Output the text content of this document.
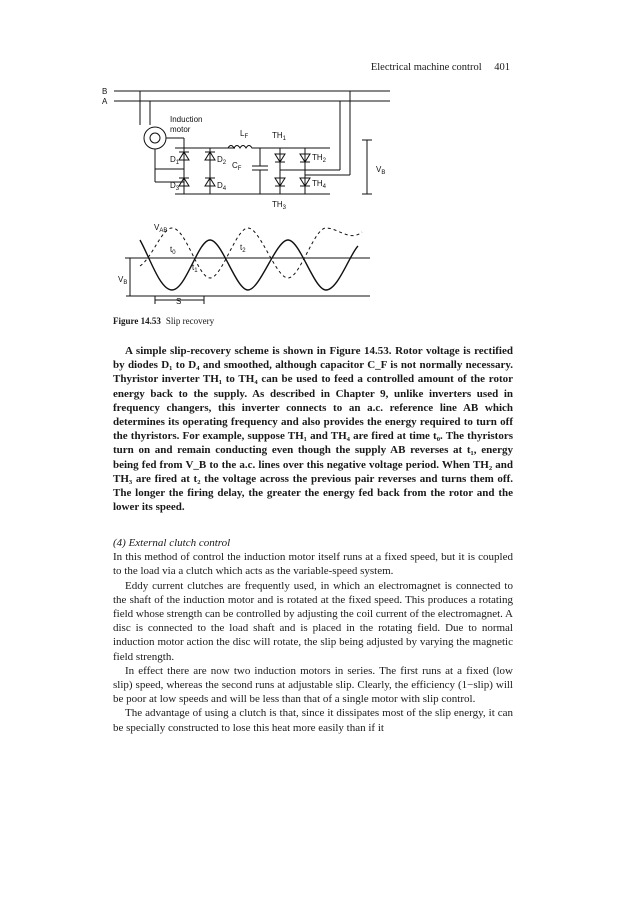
Electrical machine control 401
B
A
Induction
motor
$D_1$	$D_2$
$D_3$	$D_4$
$L_F$
$C_F$
$TH_1$
$TH_2$
$TH_3$
$TH_4$
$V_B$
$V_{AB}$
$t_0$
$t_1$
$t_2$
$V_B$
S
Figure 14.53 Slip recovery

A simple slip-recovery scheme is shown in Figure 14.53. Rotor voltage is rectified by diodes D₁ to D₄ and smoothed, although capacitor C_F is not normally necessary. Thyristor inverter TH₁ to TH₄ can be used to feed a controlled amount of the rotor energy back to the supply. As described in Chapter 9, unlike inverters used in frequency changers, this inverter connects to an a.c. reference line AB which determines its operating frequency and also provides the energy required to turn off the thyristors. For example, suppose TH₁ and TH₄ are fired at time t₀. The thyristors turn on and remain conducting even though the supply AB reverses at t₁, energy being fed from V_B to the a.c. lines over this negative voltage period. When TH₂ and TH₃ are fired at t₂ the voltage across the previous pair reverses and turns them off. The longer the firing delay, the greater the energy fed back from the rotor and the lower its speed.

(4) External clutch control

In this method of control the induction motor itself runs at a fixed speed, but it is coupled to the load via a clutch which acts as the variable-speed system.

Eddy current clutches are frequently used, in which an electromagnet is connected to the shaft of the induction motor and is rotated at the fixed speed. This produces a rotating field whose strength can be controlled by adjusting the coil current of the electromagnet. A disc is connected to the load shaft and is placed in the rotating field. Due to normal induction motor action the disc will rotate, the slip being adjusted by varying the magnetic field strength.

In effect there are now two induction motors in series. The first runs at a fixed (low slip) speed, whereas the second runs at adjustable slip. Clearly, the efficiency (1−slip) will be poor at low speeds and will be less than that of a single motor with slip control.

The advantage of using a clutch is that, since it dissipates most of the slip energy, it can be specially constructed to lose this heat more easily than if it
